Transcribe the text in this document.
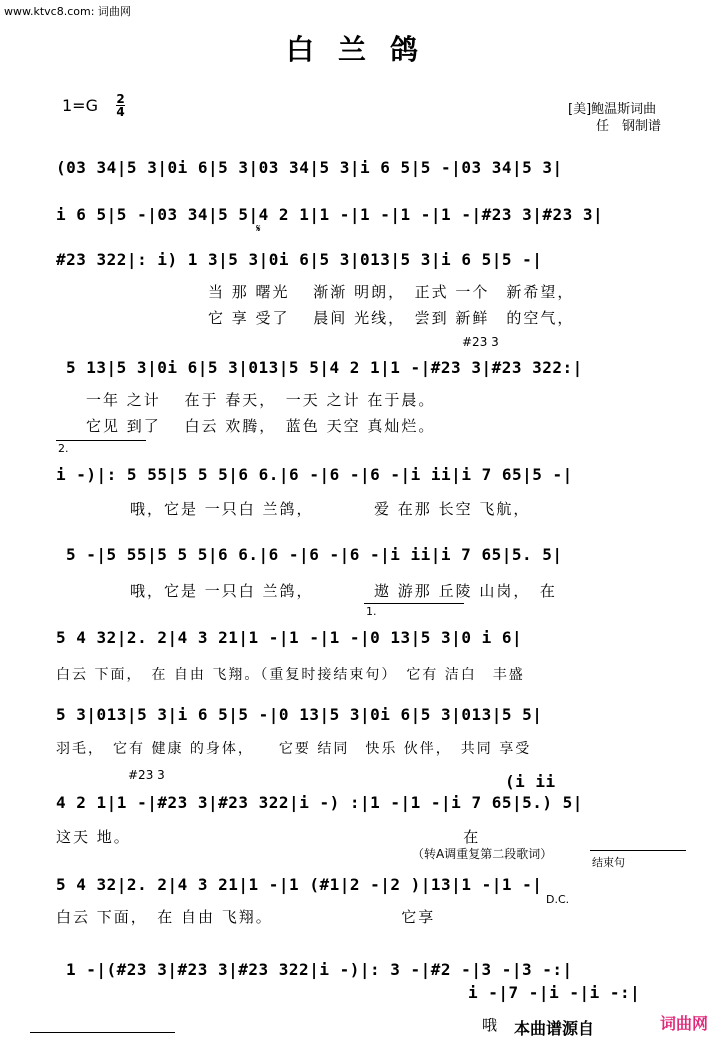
www.ktvc8.com: 词曲网
白兰鸽
1=G 2
4	[美]鲍温斯词曲
任　钢制谱
(03 34|5 3|0i 6|5 3|03 34|5 3|i 6 5|5 -|03 34|5 3|
i 6 5|5 -|03 34|5 5|4 2 1|1 -|1 -|1 -|1 -|#23 3|#23 3|
𝄋
#23 322|: i) 1 3|5 3|0i 6|5 3|013|5 3|i 6 5|5 -|
当 那 曙光　 渐渐 明朗，　正式 一个　新希望，
它 享 受了　 晨间 光线，　尝到 新鲜　的空气，
#23 3
5 13|5 3|0i 6|5 3|013|5 5|4 2 1|1 -|#23 3|#23 322:|
一年 之计　 在于 春天，　一天 之计 在于晨。
它见 到了　 白云 欢腾，　蓝色 天空 真灿烂。
2.
i -)|: 5 55|5 5 5|6 6.|6 -|6 -|6 -|i ii|i 7 65|5 -|
哦，它是 一只白 兰鸽，　　　　爱 在那 长空 飞航，
5 -|5 55|5 5 5|6 6.|6 -|6 -|6 -|i ii|i 7 65|5. 5|
哦，它是 一只白 兰鸽，　　　　遨 游那 丘陵 山岗，　在
1.
5 4 32|2. 2|4 3 21|1 -|1 -|1 -|0 13|5 3|0 i 6|
白云 下面，　在 自由 飞翔。（重复时接结束句）　它有 洁白　丰盛
5 3|013|5 3|i 6 5|5 -|0 13|5 3|0i 6|5 3|013|5 5|
羽毛，　它有 健康 的身体，　　它要 结同　快乐 伙伴，　共同 享受
#23 3	(i ii
4 2 1|1 -|#23 3|#23 322|i -) :|1 -|1 -|i 7 65|5.) 5|
这天 地。　　　　　　　　　　　　　　　　　　　　在
（转A调重复第二段歌词）
结束句
5 4 32|2. 2|4 3 21|1 -|1 (#1|2 -|2 )|13|1 -|1 -|
D.C.
白云 下面，　在 自由 飞翔。　　　　　　　　它享
1 -|(#23 3|#23 3|#23 322|i -)|: 3 -|#2 -|3 -|3 -:|
i -|7 -|i -|i -:|
哦 本曲谱源自	词曲网
